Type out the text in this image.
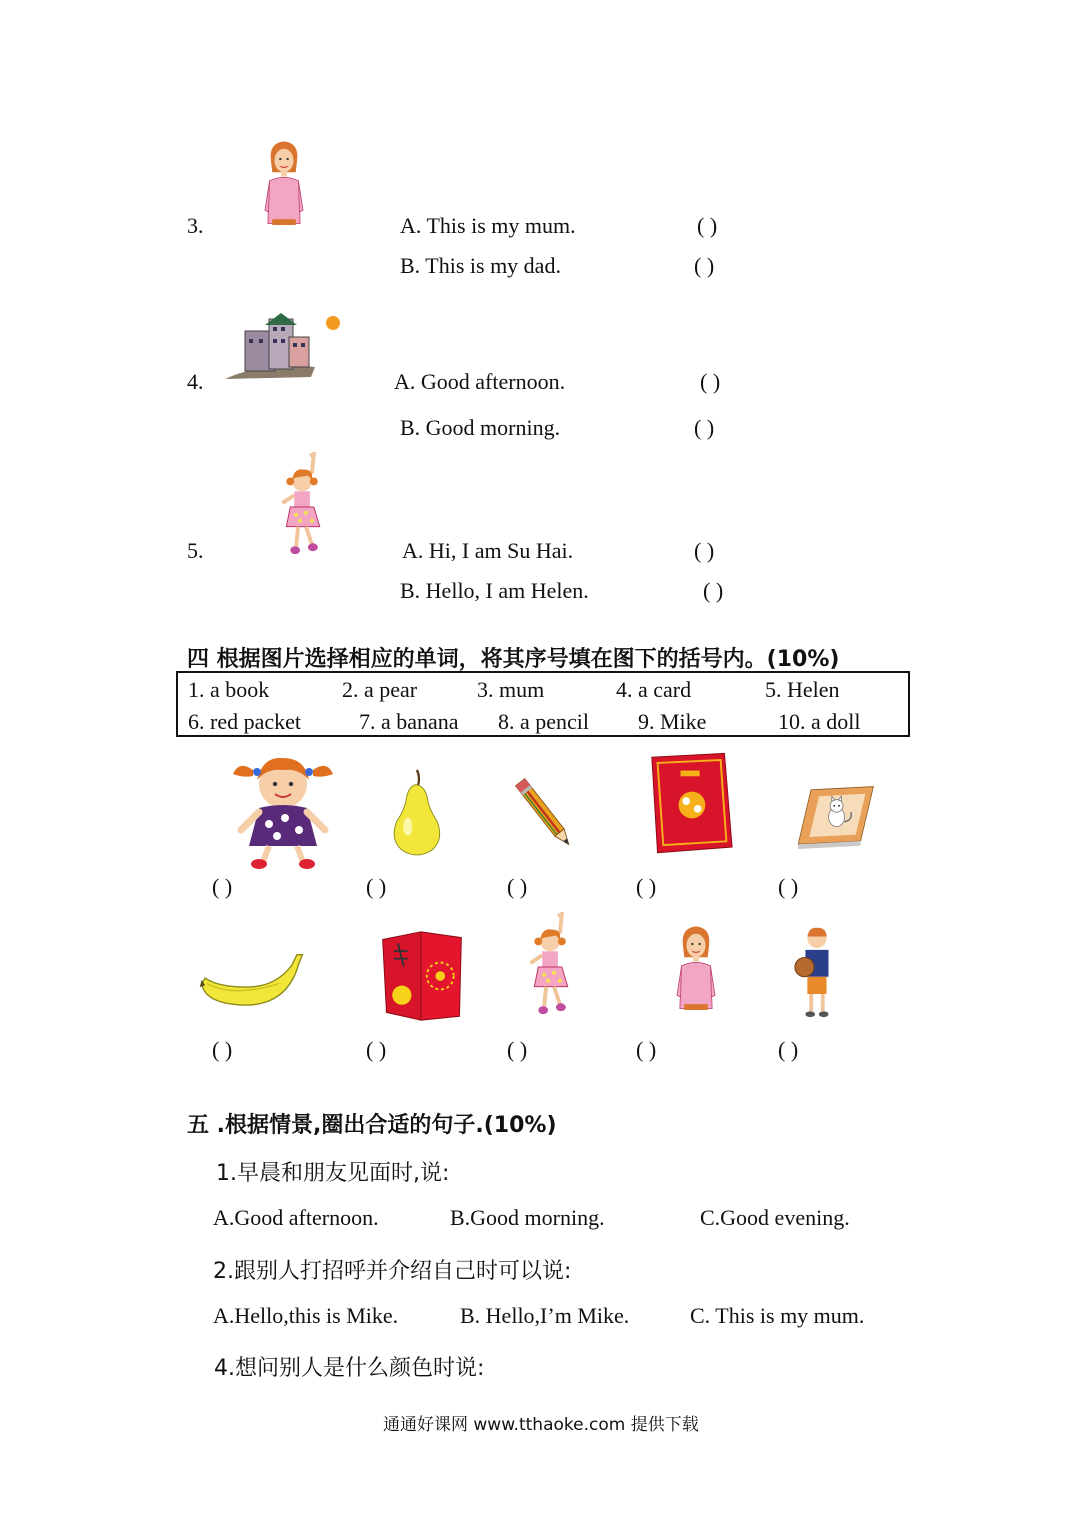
3.	A. This is my mum.	( )
B. This is my dad.	( )
4.	A. Good afternoon.	( )
B. Good morning.	( )
5.	A. Hi, I am Su Hai.	( )
B. Hello, I am Helen.	( )
四 根据图片选择相应的单词，将其序号填在图下的括号内。(10%)
1. a book	2. a pear	3. mum	4. a card	5. Helen
6. red packet	7. a banana 8. a pencil 9. Mike	10. a doll
( )	( )	( )	( )	( )
( )	( )	( )	( )	( )
五 .根据情景,圈出合适的句子.(10%)
1.早晨和朋友见面时,说:
A.Good afternoon.	B.Good morning.	C.Good evening.
2.跟别人打招呼并介绍自己时可以说:
A.Hello,this is Mike.	B. Hello,I’m Mike.	C. This is my mum.
4.想问别人是什么颜色时说:
通通好课网 www.tthaoke.com 提供下载
